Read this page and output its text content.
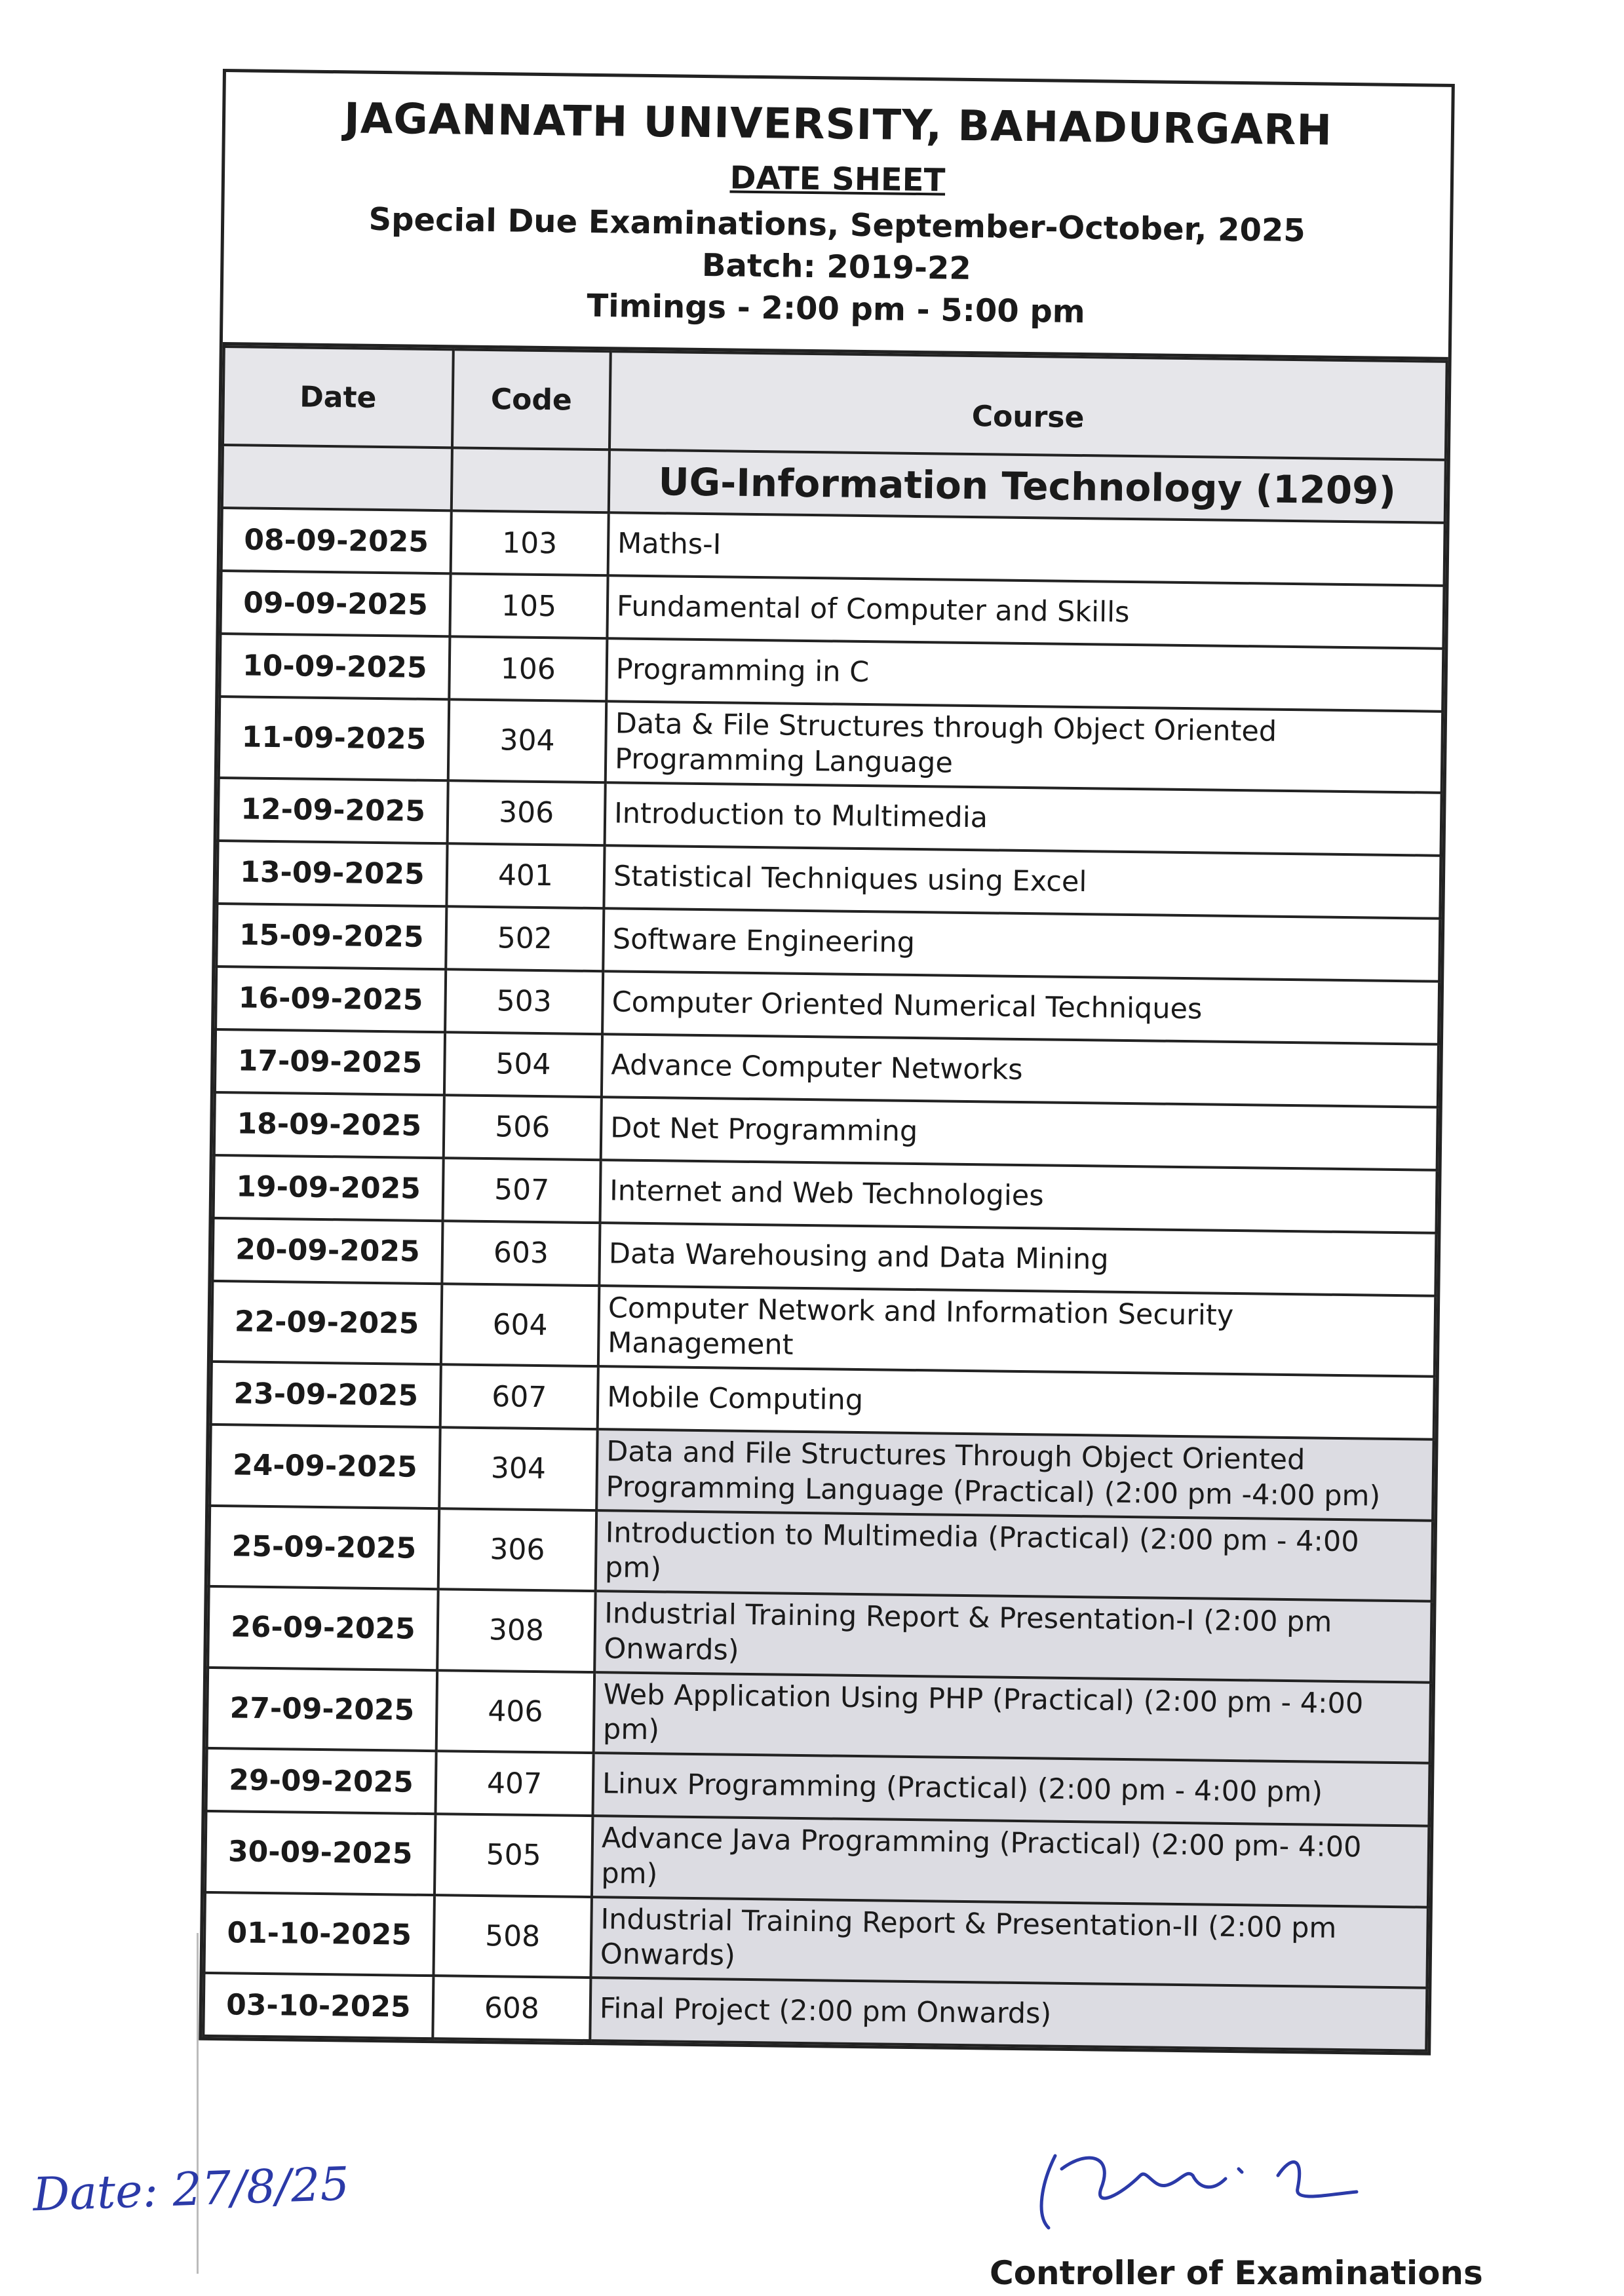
JAGANNATH UNIVERSITY, BAHADURGARH
DATE SHEET
Special Due Examinations, September-October, 2025
Batch: 2019-22
Timings - 2:00 pm - 5:00 pm
Date	Code	Course
		UG-Information Technology (1209)
08-09-2025	103	Maths-I
09-09-2025	105	Fundamental of Computer and Skills
10-09-2025	106	Programming in C
11-09-2025	304	Data & File Structures through Object Oriented Programming Language
12-09-2025	306	Introduction to Multimedia
13-09-2025	401	Statistical Techniques using Excel
15-09-2025	502	Software Engineering
16-09-2025	503	Computer Oriented Numerical Techniques
17-09-2025	504	Advance Computer Networks
18-09-2025	506	Dot Net Programming
19-09-2025	507	Internet and Web Technologies
20-09-2025	603	Data Warehousing and Data Mining
22-09-2025	604	Computer Network and Information Security Management
23-09-2025	607	Mobile Computing
24-09-2025	304	Data and File Structures Through Object Oriented Programming Language (Practical) (2:00 pm -4:00 pm)
25-09-2025	306	Introduction to Multimedia (Practical) (2:00 pm - 4:00 pm)
26-09-2025	308	Industrial Training Report & Presentation-I (2:00 pm Onwards)
27-09-2025	406	Web Application Using PHP (Practical) (2:00 pm - 4:00 pm)
29-09-2025	407	Linux Programming (Practical) (2:00 pm - 4:00 pm)
30-09-2025	505	Advance Java Programming (Practical) (2:00 pm- 4:00 pm)
01-10-2025	508	Industrial Training Report & Presentation-II (2:00 pm Onwards)
03-10-2025	608	Final Project (2:00 pm Onwards)
Date: 27/8/25
Controller of Examinations
